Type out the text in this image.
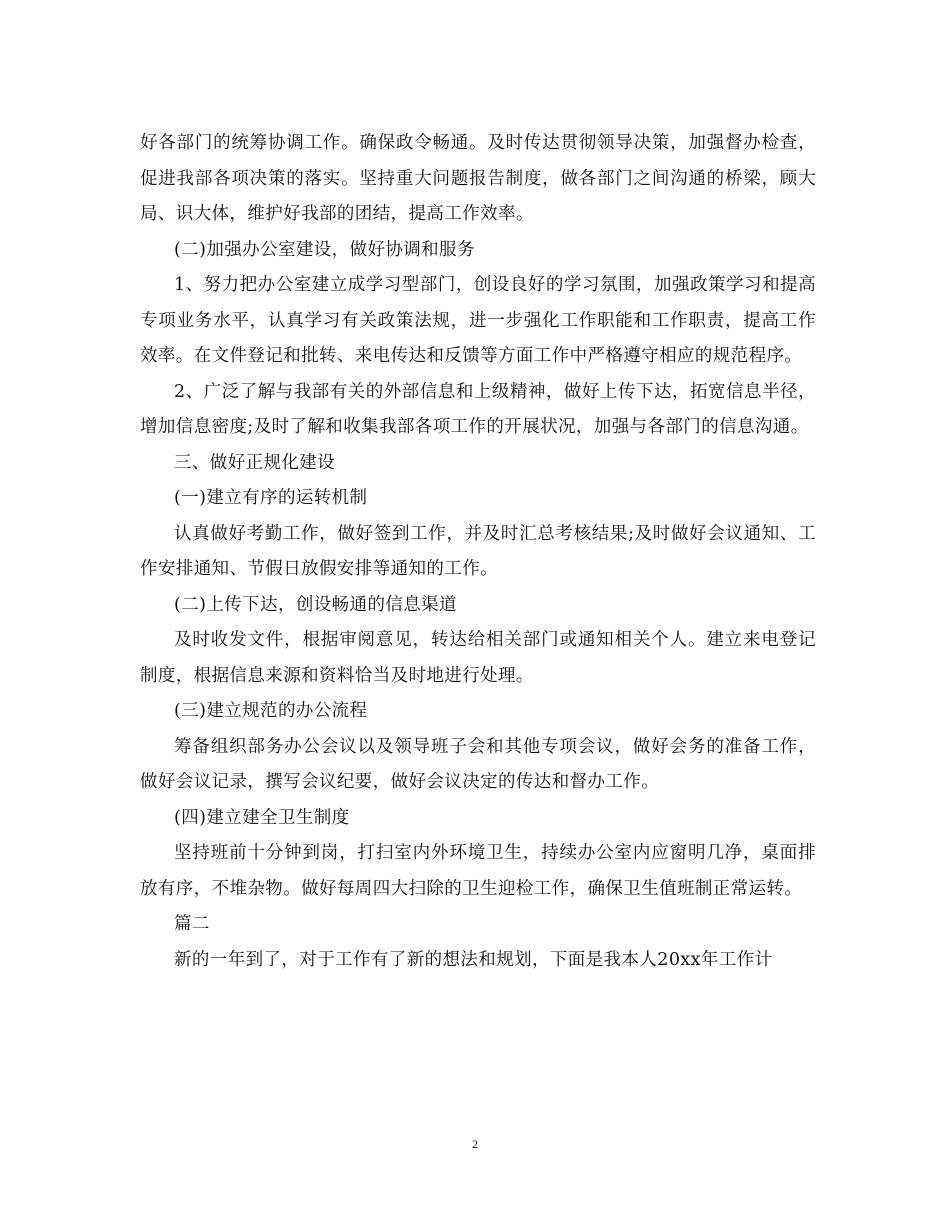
好各部门的统筹协调工作。确保政令畅通。及时传达贯彻领导决策，加强督办检查，促进我部各项决策的落实。坚持重大问题报告制度，做各部门之间沟通的桥梁，顾大局、识大体，维护好我部的团结，提高工作效率。

(二)加强办公室建设，做好协调和服务

1、努力把办公室建立成学习型部门，创设良好的学习氛围，加强政策学习和提高专项业务水平，认真学习有关政策法规，进一步强化工作职能和工作职责，提高工作效率。在文件登记和批转、来电传达和反馈等方面工作中严格遵守相应的规范程序。

2、广泛了解与我部有关的外部信息和上级精神，做好上传下达，拓宽信息半径，增加信息密度;及时了解和收集我部各项工作的开展状况，加强与各部门的信息沟通。

三、做好正规化建设

(一)建立有序的运转机制

认真做好考勤工作，做好签到工作，并及时汇总考核结果;及时做好会议通知、工作安排通知、节假日放假安排等通知的工作。

(二)上传下达，创设畅通的信息渠道

及时收发文件，根据审阅意见，转达给相关部门或通知相关个人。建立来电登记制度，根据信息来源和资料恰当及时地进行处理。

(三)建立规范的办公流程

筹备组织部务办公会议以及领导班子会和其他专项会议，做好会务的准备工作，做好会议记录，撰写会议纪要，做好会议决定的传达和督办工作。

(四)建立建全卫生制度

坚持班前十分钟到岗，打扫室内外环境卫生，持续办公室内应窗明几净，桌面排放有序，不堆杂物。做好每周四大扫除的卫生迎检工作，确保卫生值班制正常运转。

篇二

新的一年到了，对于工作有了新的想法和规划，下面是我本人20xx年工作计

2
